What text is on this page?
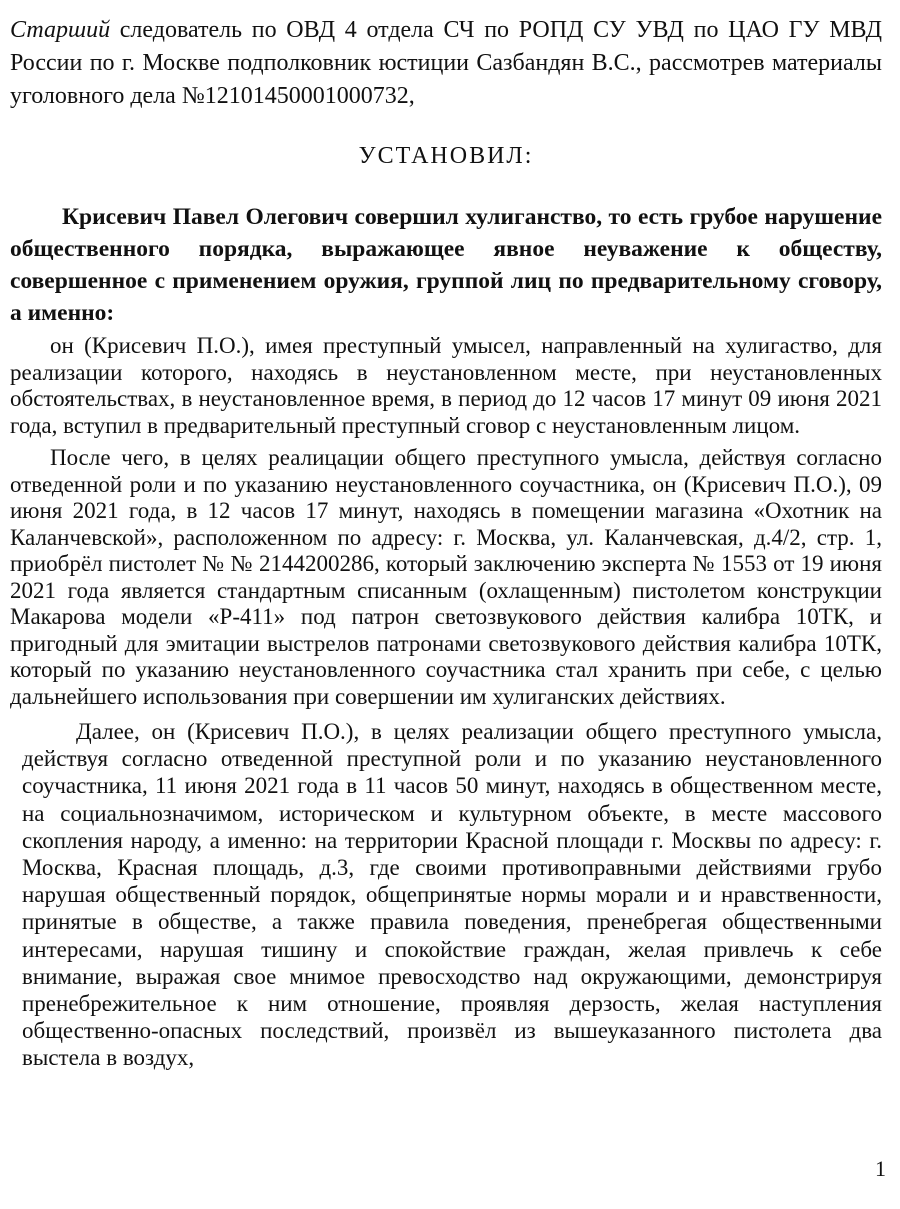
Старший следователь по ОВД 4 отдела СЧ по РОПД СУ УВД по ЦАО ГУ МВД России по г. Москве подполковник юстиции Сазбандян В.С., рассмотрев материалы уголовного дела №12101450001000732,

УСТАНОВИЛ:

Крисевич Павел Олегович совершил хулиганство, то есть грубое нарушение общественного порядка, выражающее явное неуважение к обществу, совершенное с применением оружия, группой лиц по предварительному сговору, а именно:

он (Крисевич П.О.), имея преступный умысел, направленный на хулигаство, для реализации которого, находясь в неустановленном месте, при неустановленных обстоятельствах, в неустановленное время, в период до 12 часов 17 минут 09 июня 2021 года, вступил в предварительный преступный сговор с неустановленным лицом.

После чего, в целях реалицации общего преступного умысла, действуя согласно отведенной роли и по указанию неустановленного соучастника, он (Крисевич П.О.), 09 июня 2021 года, в 12 часов 17 минут, находясь в помещении магазина «Охотник на Каланчевской», расположенном по адресу: г. Москва, ул. Каланчевская, д.4/2, стр. 1, приобрёл пистолет № № 2144200286, который заключению эксперта № 1553 от 19 июня 2021 года является стандартным списанным (охлащенным) пистолетом конструкции Макарова модели «Р-411» под патрон светозвукового действия калибра 10ТК, и пригодный для эмитации выстрелов патронами светозвукового действия калибра 10ТК, который по указанию неустановленного соучастника стал хранить при себе, с целью дальнейшего использования при совершении им хулиганских действиях.

Далее, он (Крисевич П.О.), в целях реализации общего преступного умысла, действуя согласно отведенной преступной роли и по указанию неустановленного соучастника, 11 июня 2021 года в 11 часов 50 минут, находясь в общественном месте, на социальнозначимом, историческом и культурном объекте, в месте массового скопления народу, а именно: на территории Красной площади г. Москвы по адресу: г. Москва, Красная площадь, д.3, где своими противоправными действиями грубо нарушая общественный порядок, общепринятые нормы морали и и нравственности, принятые в обществе, а также правила поведения, пренебрегая общественными интересами, нарушая тишину и спокойствие граждан, желая привлечь к себе внимание, выражая свое мнимое превосходство над окружающими, демонстрируя пренебрежительное к ним отношение, проявляя дерзость, желая наступления общественно-опасных последствий, произвёл из вышеуказанного пистолета два выстела в воздух,

1
